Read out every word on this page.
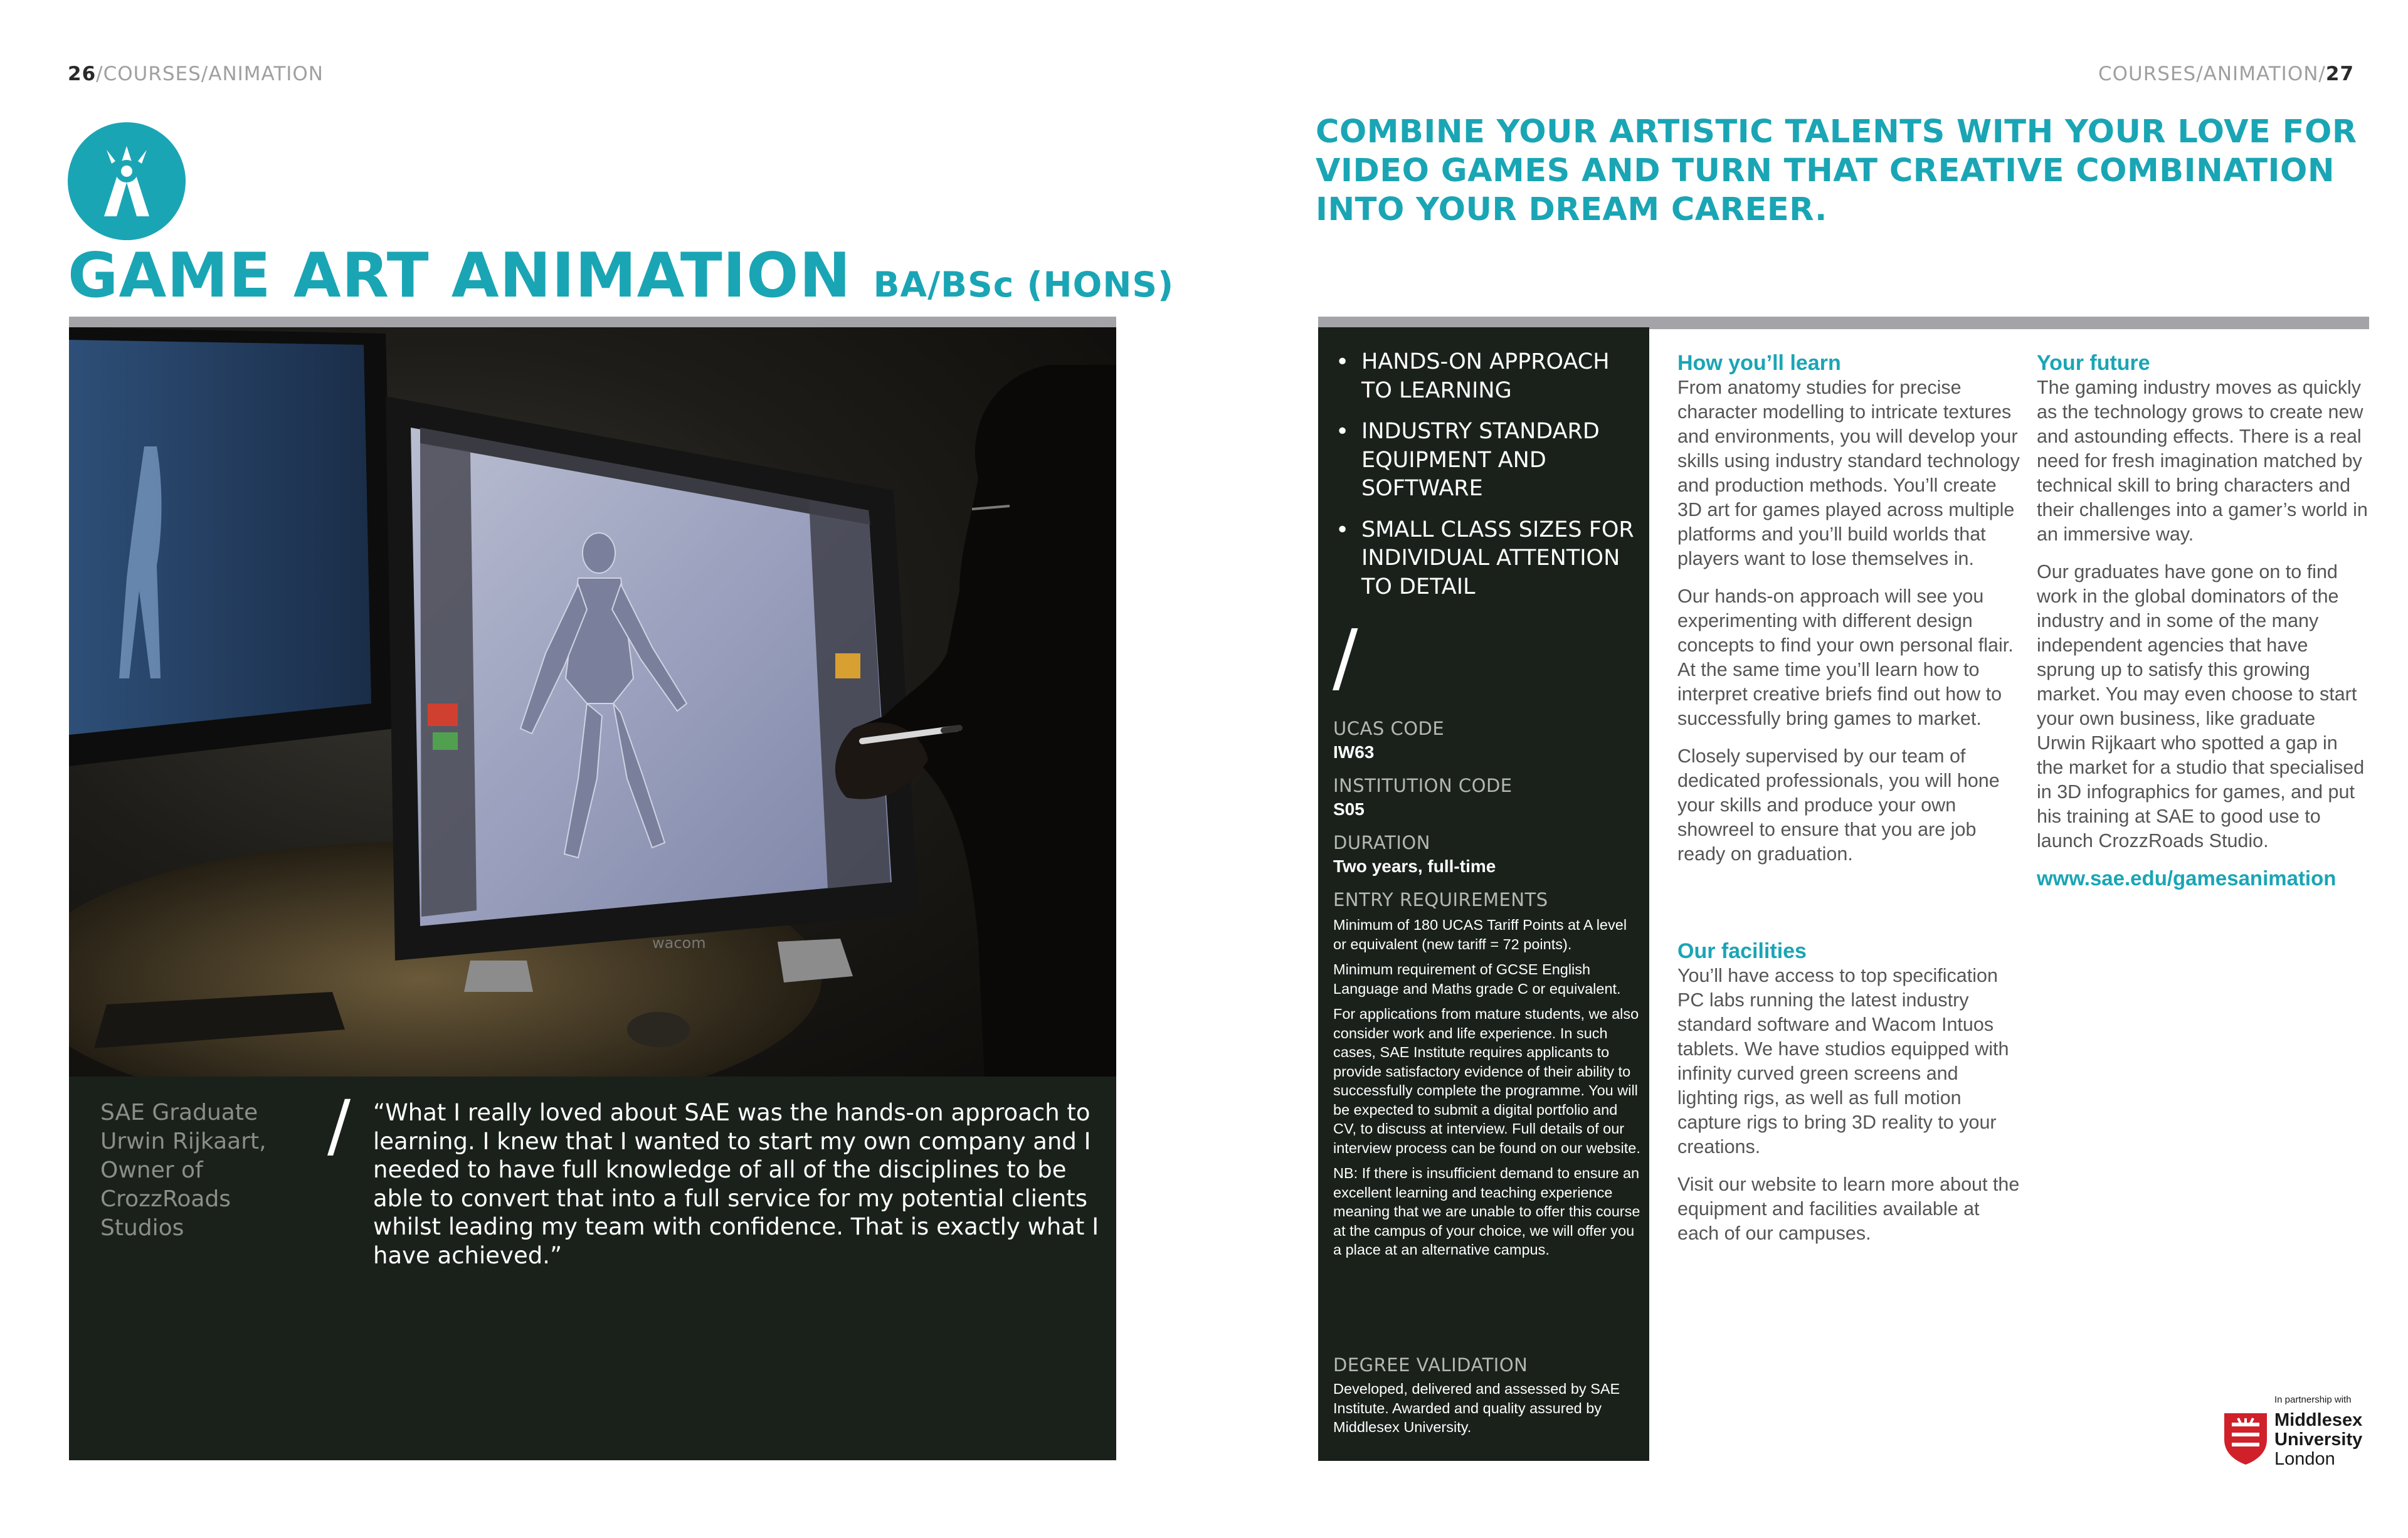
26/COURSES/ANIMATION
GAME ART ANIMATION BA/BSc (HONS)
wacom
SAE Graduate
Urwin Rijkaart,
Owner of
CrozzRoads
Studios
/ “What I really loved about SAE was the hands-on approach to learning. I knew that I wanted to start my own company and I needed to have full knowledge of all of the disciplines to be able to convert that into a full service for my potential clients whilst leading my team with confidence. That is exactly what I have achieved.”
COURSES/ANIMATION/27
COMBINE YOUR ARTISTIC TALENTS WITH YOUR LOVE FOR VIDEO GAMES AND TURN THAT CREATIVE COMBINATION INTO YOUR DREAM CAREER.
• HANDS-ON APPROACH TO LEARNING
• INDUSTRY STANDARD EQUIPMENT AND SOFTWARE
• SMALL CLASS SIZES FOR INDIVIDUAL ATTENTION TO DETAIL
/
UCAS CODE
IW63
INSTITUTION CODE
S05
DURATION
Two years, full-time
ENTRY REQUIREMENTS

Minimum of 180 UCAS Tariff Points at A level or equivalent (new tariff = 72 points).

Minimum requirement of GCSE English Language and Maths grade C or equivalent.

For applications from mature students, we also consider work and life experience. In such cases, SAE Institute requires applicants to provide satisfactory evidence of their ability to successfully complete the programme. You will be expected to submit a digital portfolio and CV, to discuss at interview. Full details of our interview process can be found on our website.

NB: If there is insufficient demand to ensure an excellent learning and teaching experience meaning that we are unable to offer this course at the campus of your choice, we will offer you a place at an alternative campus.

DEGREE VALIDATION
Developed, delivered and assessed by SAE Institute. Awarded and quality assured by Middlesex University.
How you’ll learn

From anatomy studies for precise character modelling to intricate textures and environments, you will develop your skills using industry standard technology and production methods. You’ll create 3D art for games played across multiple platforms and you’ll build worlds that players want to lose themselves in.

Our hands-on approach will see you experimenting with different design concepts to find your own personal flair. At the same time you’ll learn how to interpret creative briefs find out how to successfully bring games to market.

Closely supervised by our team of dedicated professionals, you will hone your skills and produce your own showreel to ensure that you are job ready on graduation.

Our facilities

You’ll have access to top specification PC labs running the latest industry standard software and Wacom Intuos tablets. We have studios equipped with infinity curved green screens and lighting rigs, as well as full motion capture rigs to bring 3D reality to your creations.

Visit our website to learn more about the equipment and facilities available at each of our campuses.

Your future

The gaming industry moves as quickly as the technology grows to create new and astounding effects. There is a real need for fresh imagination matched by technical skill to bring characters and their challenges into a gamer’s world in an immersive way.

Our graduates have gone on to find work in the global dominators of the industry and in some of the many independent agencies that have sprung up to satisfy this growing market. You may even choose to start your own business, like graduate Urwin Rijkaart who spotted a gap in the market for a studio that specialised in 3D infographics for games, and put his training at SAE to good use to launch CrozzRoads Studio.

www.sae.edu/gamesanimation
In partnership with
Middlesex
University
London
